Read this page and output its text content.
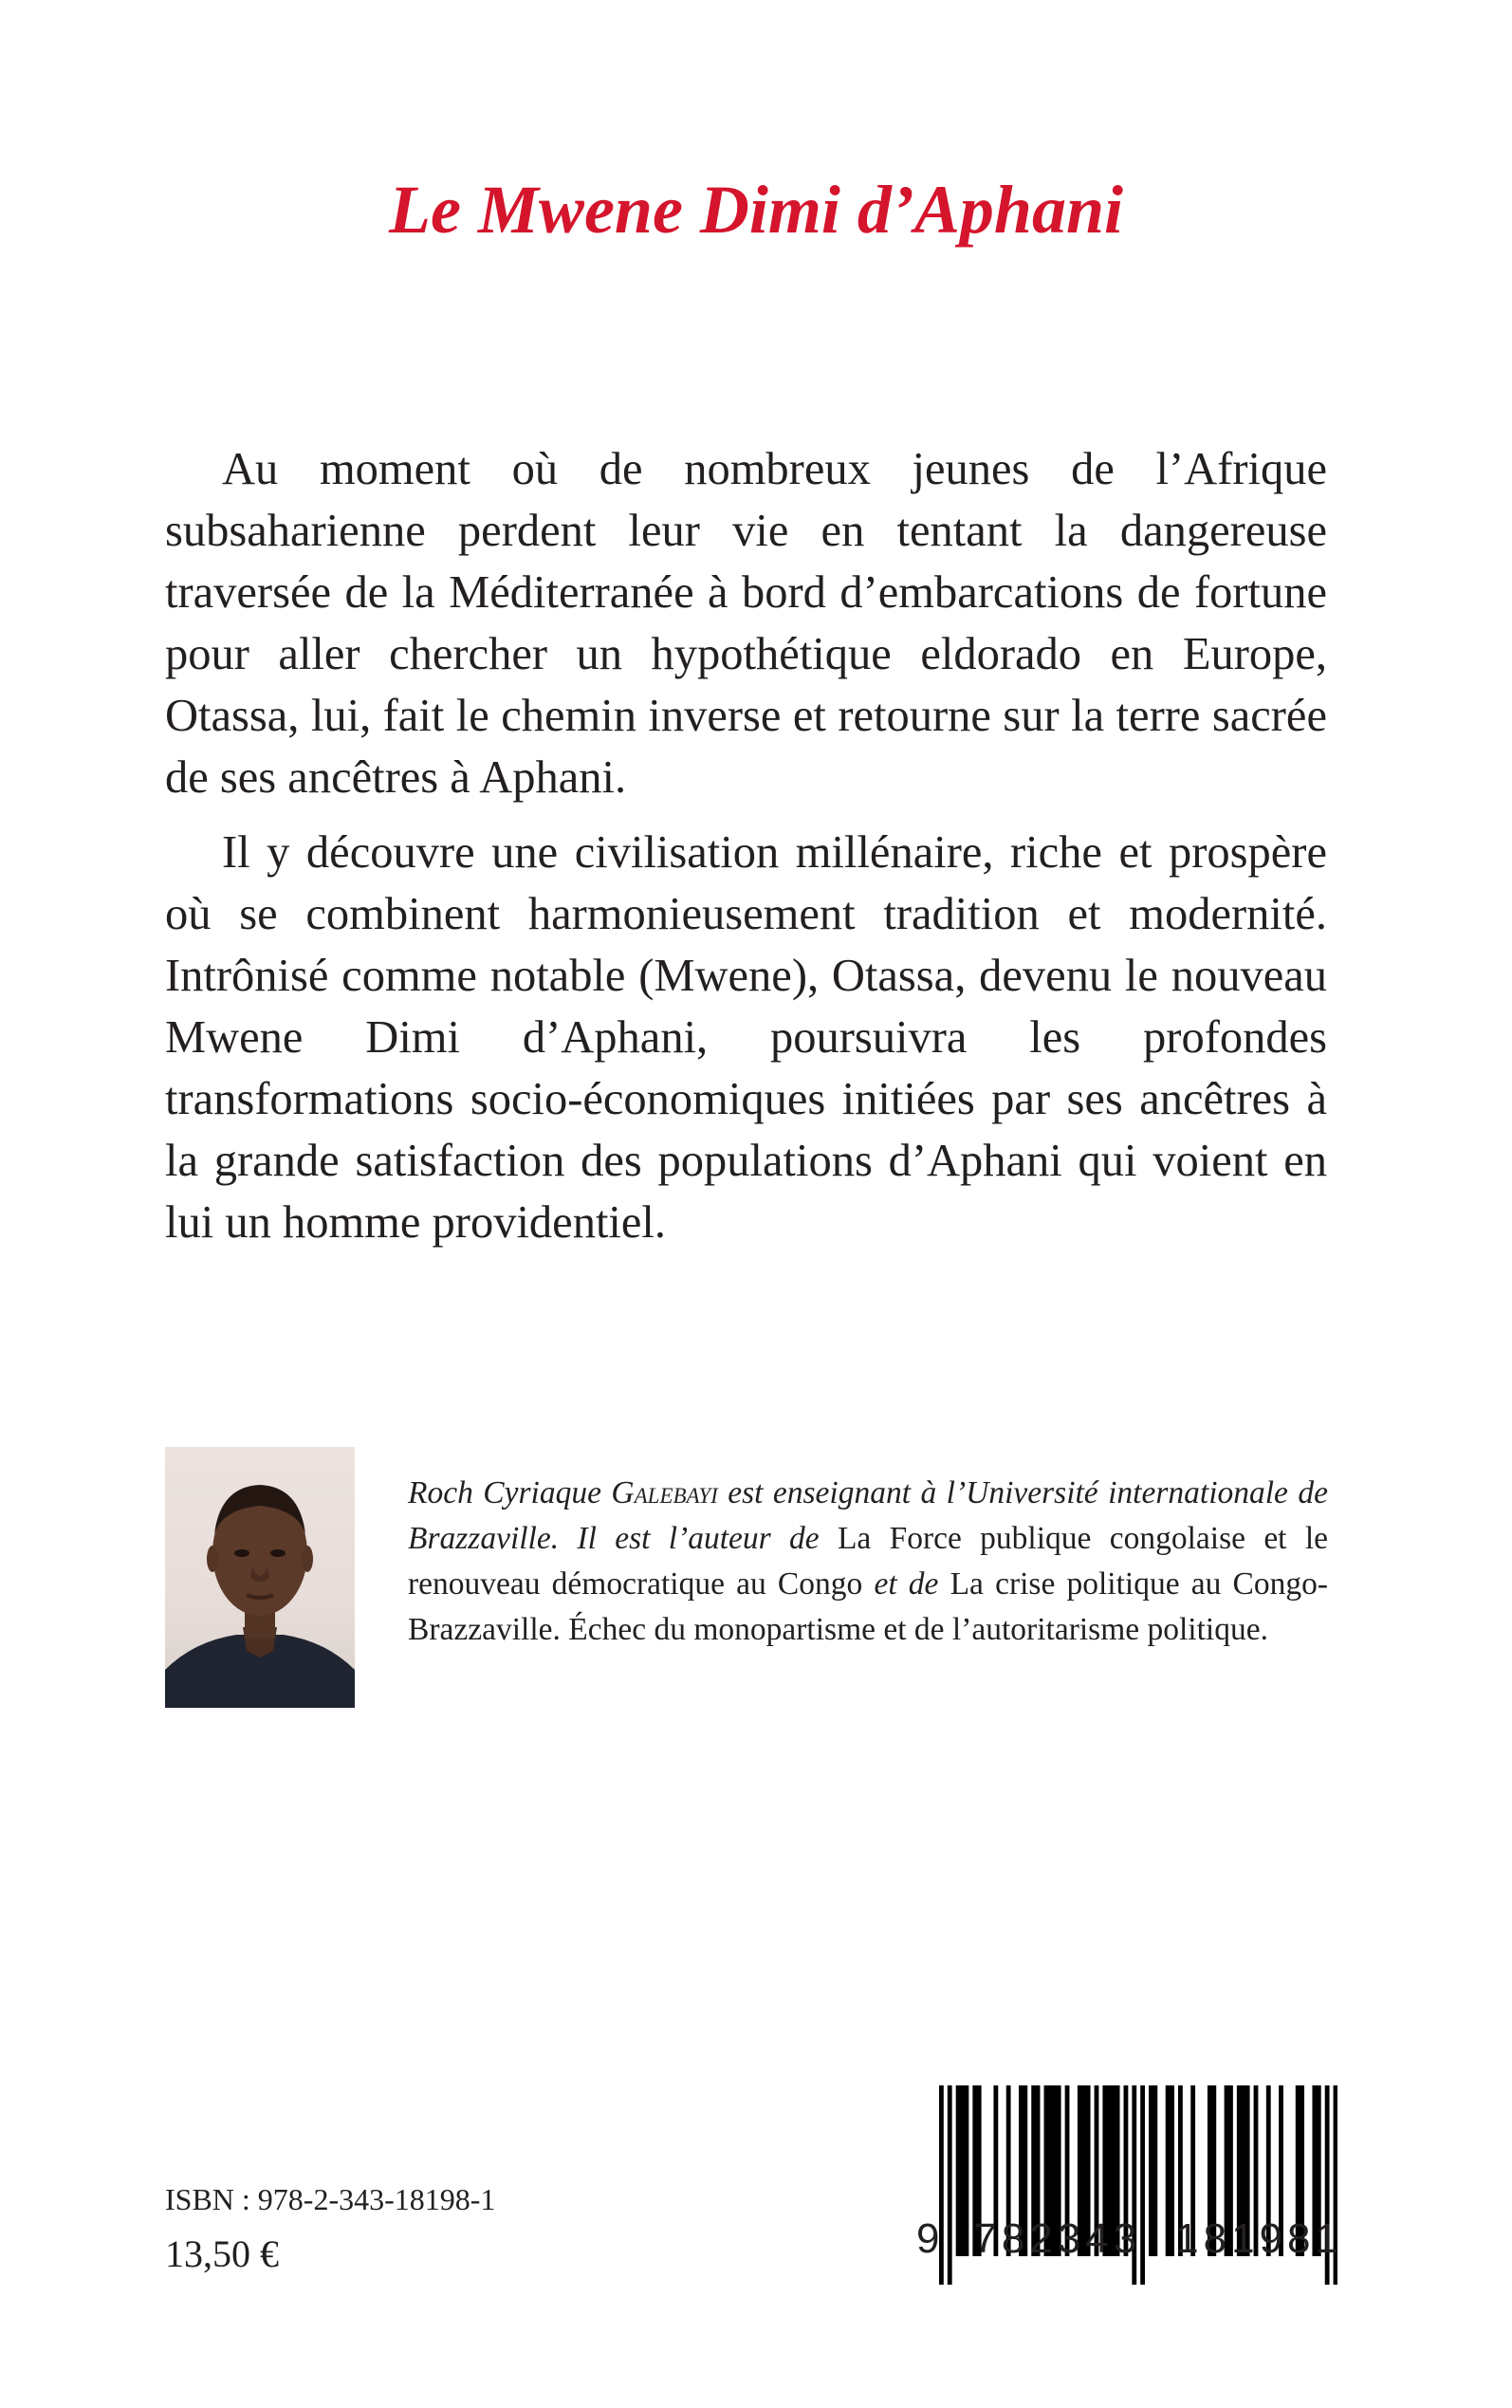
Le Mwene Dimi d’Aphani

Au moment où de nombreux jeunes de l’Afrique subsaharienne perdent leur vie en tentant la dangereuse traversée de la Méditerranée à bord d’embarcations de fortune pour aller chercher un hypothétique eldorado en Europe, Otassa, lui, fait le chemin inverse et retourne sur la terre sacrée de ses ancêtres à Aphani.

Il y découvre une civilisation millénaire, riche et prospère où se combinent harmonieusement tradition et modernité. Intrônisé comme notable (Mwene), Otassa, devenu le nouveau Mwene Dimi d’Aphani, poursuivra les profondes transformations socio-économiques initiées par ses ancêtres à la grande satisfaction des populations d’Aphani qui voient en lui un homme providentiel.

Roch Cyriaque Galebayi est enseignant à l’Université internationale de Brazzaville. Il est l’auteur de La Force publique congolaise et le renouveau démocratique au Congo et de La crise politique au Congo-Brazzaville. Échec du monopartisme et de l’autoritarisme politique.
ISBN : 978-2-343-18198-1
13,50 €	9 782343 181981
